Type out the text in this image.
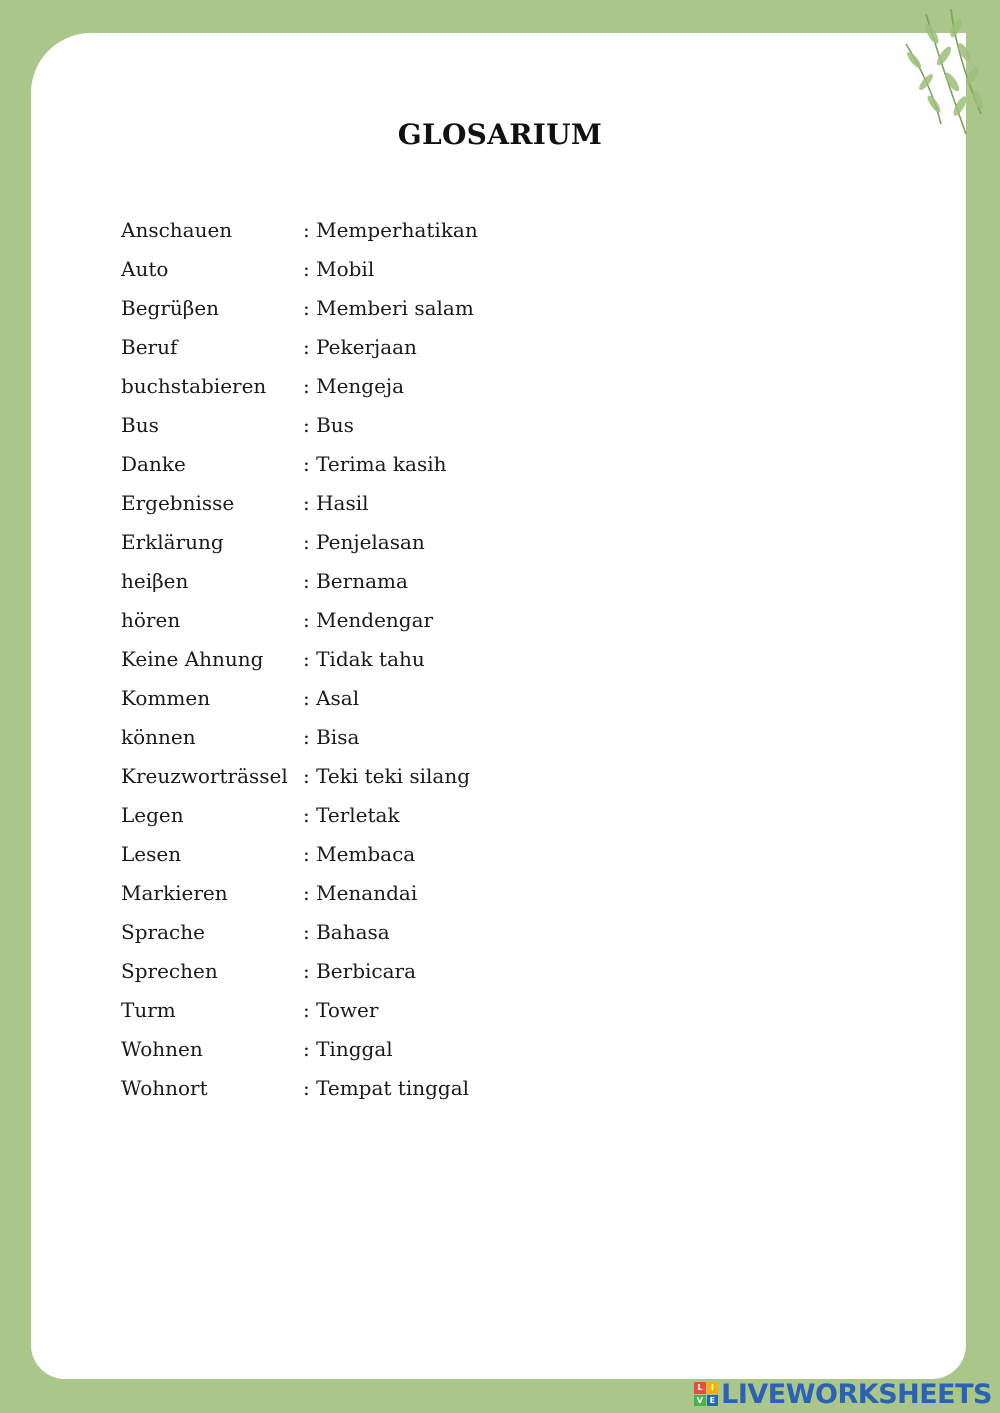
GLOSARIUM
Anschauen	: Memperhatikan
Auto	: Mobil
Begrüβen	: Memberi salam
Beruf	: Pekerjaan
buchstabieren	: Mengeja
Bus	: Bus
Danke	: Terima kasih
Ergebnisse	: Hasil
Erklärung	: Penjelasan
heiβen	: Bernama
hören	: Mendengar
Keine Ahnung	: Tidak tahu
Kommen	: Asal
können	: Bisa
Kreuzworträssel : Teki teki silang
Legen	: Terletak
Lesen	: Membaca
Markieren	: Menandai
Sprache	: Bahasa
Sprechen	: Berbicara
Turm	: Tower
Wohnen	: Tinggal
Wohnort	: Tempat tinggal
L	I
V E LIVEWORKSHEETS
